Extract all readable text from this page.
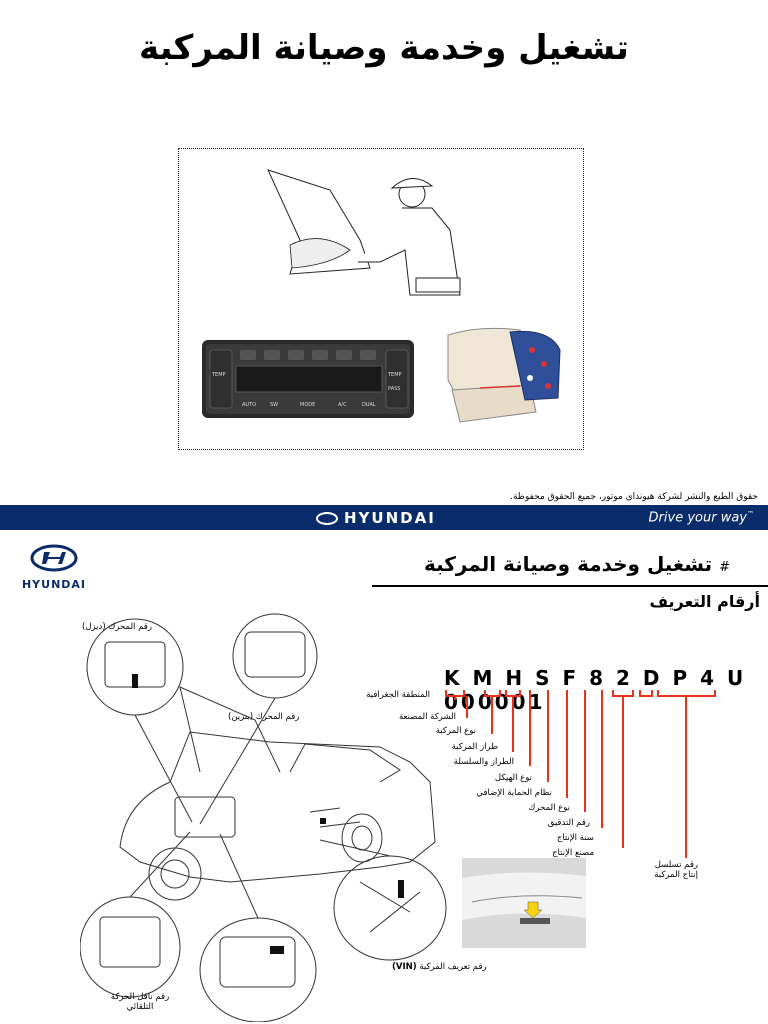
تشغيل وخدمة وصيانة المركبة
TEMP	TEMP
PASS
AUTO	SW	MODE	A/C	DUAL
حقوق الطبع والنشر لشركة هيونداي موتور، جميع الحقوق محفوظة.
HYUNDAI	Drive your way™
HYUNDAI
# تشغيل وخدمة وصيانة المركبة
أرقام التعريف
K M H S F 8 2 D P 4 U 000001
المنطقة الجغرافية
الشركة المصنعة
نوع المركبة
طراز المركبة
الطراز والسلسلة
نوع الهيكل
نظام الحماية الإضافي
نوع المحرك
رقم التدقيق
سنة الإنتاج
مصنع الإنتاج
رقم تسلسل إنتاج المركبة
رقم المحرك (ديزل)
رقم المحرك (بنزين)
رقم ناقل الحركة التلقائي
رقم تعريف المركبة (VIN)
